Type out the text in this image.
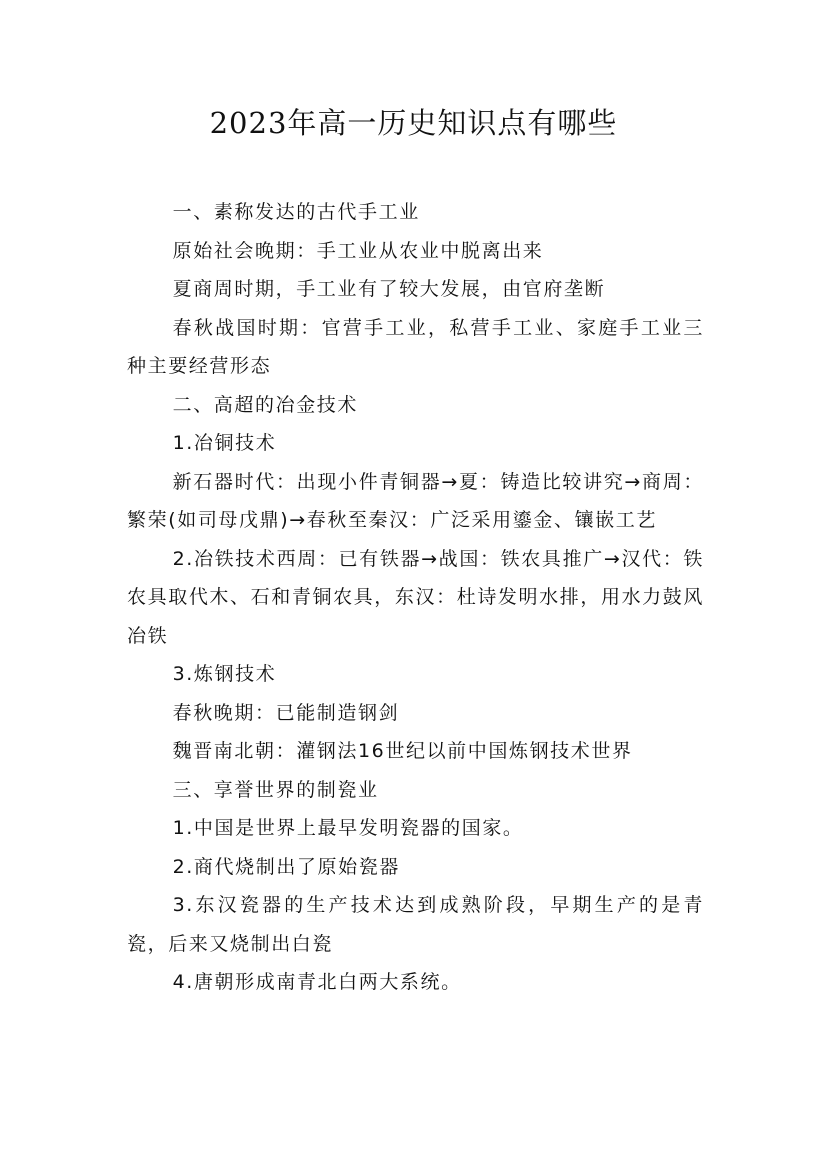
2023年高一历史知识点有哪些

一、素称发达的古代手工业

原始社会晚期：手工业从农业中脱离出来

夏商周时期，手工业有了较大发展，由官府垄断

春秋战国时期：官营手工业，私营手工业、家庭手工业三种主要经营形态

二、高超的冶金技术

1.冶铜技术

新石器时代：出现小件青铜器→夏：铸造比较讲究→商周：繁荣(如司母戊鼎)→春秋至秦汉：广泛采用鎏金、镶嵌工艺

2.冶铁技术西周：已有铁器→战国：铁农具推广→汉代：铁农具取代木、石和青铜农具，东汉：杜诗发明水排，用水力鼓风冶铁

3.炼钢技术

春秋晚期：已能制造钢剑

魏晋南北朝：灌钢法16世纪以前中国炼钢技术世界

三、享誉世界的制瓷业

1.中国是世界上最早发明瓷器的国家。

2.商代烧制出了原始瓷器

3.东汉瓷器的生产技术达到成熟阶段，早期生产的是青瓷，后来又烧制出白瓷

4.唐朝形成南青北白两大系统。
